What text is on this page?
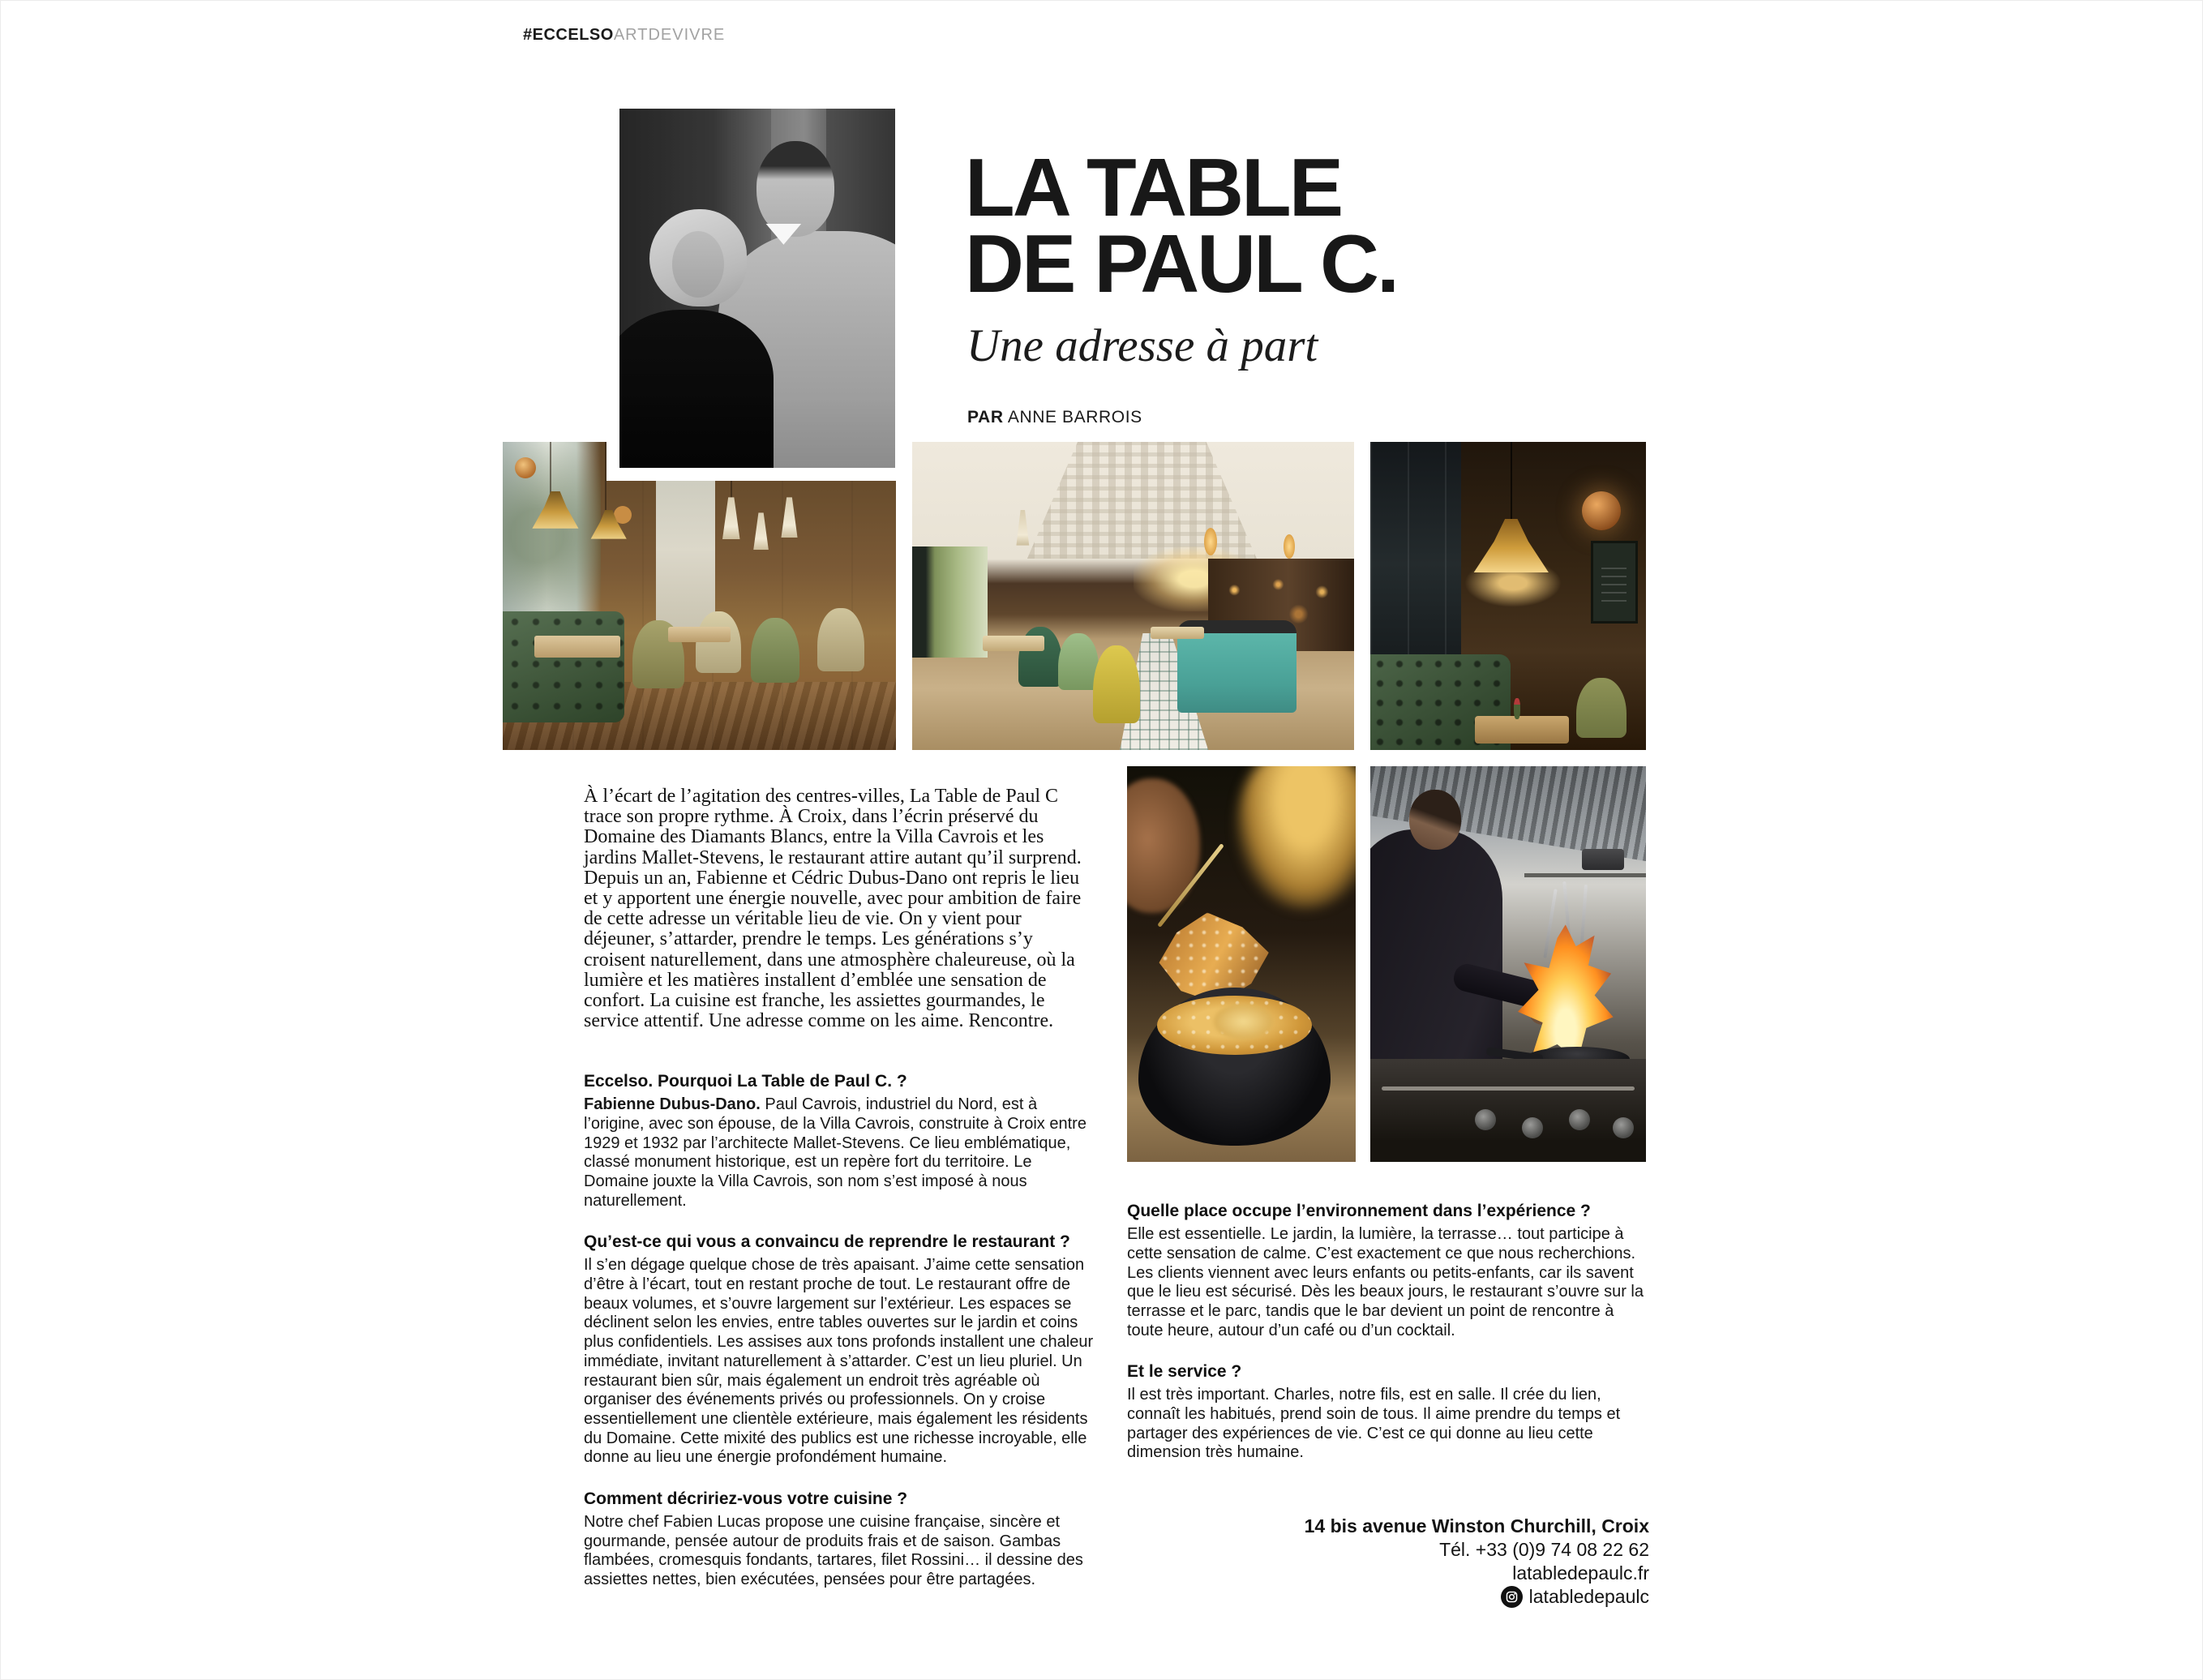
#ECCELSOARTDEVIVRE
LA TABLE
DE PAUL C.
Une adresse à part
PAR ANNE BARROIS

À l’écart de l’agitation des centres-villes, La Table de Paul C trace son propre rythme. À Croix, dans l’écrin préservé du Domaine des Diamants Blancs, entre la Villa Cavrois et les jardins Mallet-Stevens, le restaurant attire autant qu’il surprend. Depuis un an, Fabienne et Cédric Dubus-Dano ont repris le lieu et y apportent une énergie nouvelle, avec pour ambition de faire de cette adresse un véritable lieu de vie. On y vient pour déjeuner, s’attarder, prendre le temps. Les générations s’y croisent naturellement, dans une atmosphère chaleureuse, où la lumière et les matières installent d’emblée une sensation de confort. La cuisine est franche, les assiettes gourmandes, le service attentif. Une adresse comme on les aime. Rencontre.

Eccelso. Pourquoi La Table de Paul C. ?

Fabienne Dubus-Dano. Paul Cavrois, industriel du Nord, est à l’origine, avec son épouse, de la Villa Cavrois, construite à Croix entre 1929 et 1932 par l’architecte Mallet-Stevens. Ce lieu emblématique, classé monument historique, est un repère fort du territoire. Le Domaine jouxte la Villa Cavrois, son nom s’est imposé à nous naturellement.

Qu’est-ce qui vous a convaincu de reprendre le restaurant ?

Il s’en dégage quelque chose de très apaisant. J’aime cette sensation d’être à l’écart, tout en restant proche de tout. Le restaurant offre de beaux volumes, et s’ouvre largement sur l’extérieur. Les espaces se déclinent selon les envies, entre tables ouvertes sur le jardin et coins plus confidentiels. Les assises aux tons profonds installent une chaleur immédiate, invitant naturellement à s’attarder. C’est un lieu pluriel. Un restaurant bien sûr, mais également un endroit très agréable où organiser des événements privés ou professionnels. On y croise essentiellement une clientèle extérieure, mais également les résidents du Domaine. Cette mixité des publics est une richesse incroyable, elle donne au lieu une énergie profondément humaine.

Comment décririez-vous votre cuisine ?

Notre chef Fabien Lucas propose une cuisine française, sincère et gourmande, pensée autour de produits frais et de saison. Gambas flambées, cromesquis fondants, tartares, filet Rossini… il dessine des assiettes nettes, bien exécutées, pensées pour être partagées.

Quelle place occupe l’environnement dans l’expérience ?

Elle est essentielle. Le jardin, la lumière, la terrasse… tout participe à cette sensation de calme. C’est exactement ce que nous recherchions. Les clients viennent avec leurs enfants ou petits-enfants, car ils savent que le lieu est sécurisé. Dès les beaux jours, le restaurant s’ouvre sur la terrasse et le parc, tandis que le bar devient un point de rencontre à toute heure, autour d’un café ou d’un cocktail.

Et le service ?

Il est très important. Charles, notre fils, est en salle. Il crée du lien, connaît les habitués, prend soin de tous. Il aime prendre du temps et partager des expériences de vie. C’est ce qui donne au lieu cette dimension très humaine.

14 bis avenue Winston Churchill, Croix
Tél. +33 (0)9 74 08 22 62
latabledepaulc.fr
latabledepaulc
